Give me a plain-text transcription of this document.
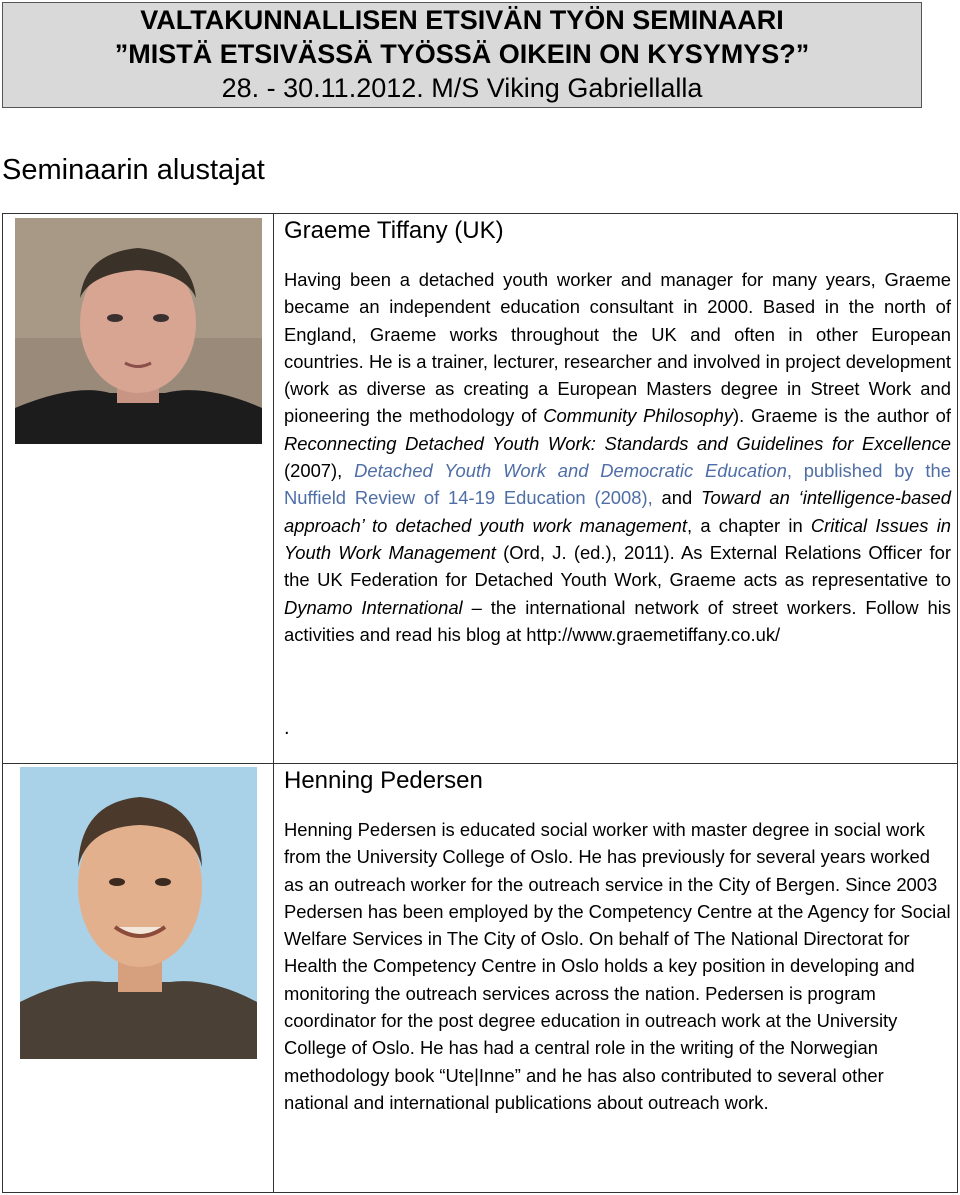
VALTAKUNNALLISEN ETSIVÄN TYÖN SEMINAARI
”MISTÄ ETSIVÄSSÄ TYÖSSÄ OIKEIN ON KYSYMYS?”
28. - 30.11.2012. M/S Viking Gabriellalla
Seminaarin alustajat
Graeme Tiffany (UK)
Having been a detached youth worker and manager for many years, Graeme became an independent education consultant in 2000. Based in the north of England, Graeme works throughout the UK and often in other European countries. He is a trainer, lecturer, researcher and involved in project development (work as diverse as creating a European Masters degree in Street Work and pioneering the methodology of Community Philosophy). Graeme is the author of Reconnecting Detached Youth Work: Standards and Guidelines for Excellence (2007), Detached Youth Work and Democratic Education, published by the Nuffield Review of 14-19 Education (2008), and Toward an ‘intelligence-based approach’ to detached youth work management, a chapter in Critical Issues in Youth Work Management (Ord, J. (ed.), 2011). As External Relations Officer for the UK Federation for Detached Youth Work, Graeme acts as representative to Dynamo International – the international network of street workers. Follow his activities and read his blog at http://www.graemetiffany.co.uk/
.
Henning Pedersen
Henning Pedersen is educated social worker with master degree in social work from the University College of Oslo. He has previously for several years worked as an outreach worker for the outreach service in the City of Bergen. Since 2003 Pedersen has been employed by the Competency Centre at the Agency for Social Welfare Services in The City of Oslo. On behalf of The National Directorat for Health the Competency Centre in Oslo holds a key position in developing and monitoring the outreach services across the nation. Pedersen is program coordinator for the post degree education in outreach work at the University College of Oslo. He has had a central role in the writing of the Norwegian methodology book “Ute|Inne” and he has also contributed to several other national and international publications about outreach work.
